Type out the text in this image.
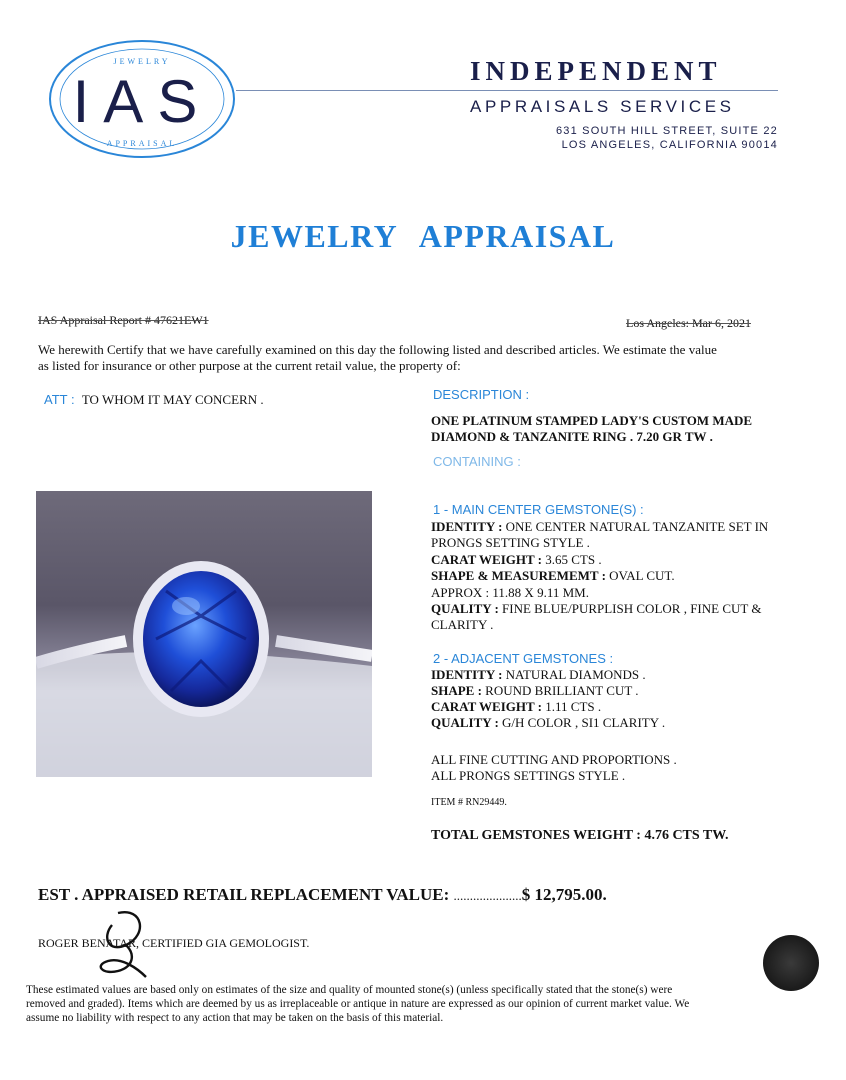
JEWELRY
APPRAISAL
IAS	INDEPENDENT
APPRAISALS SERVICES
631 SOUTH HILL STREET, SUITE 22
LOS ANGELES, CALIFORNIA 90014
JEWELRY APPRAISAL
IAS Appraisal Report # 47621EW1	Los Angeles: Mar 6, 2021
We herewith Certify that we have carefully examined on this day the following listed and described articles. We estimate the value
as listed for insurance or other purpose at the current retail value, the property of:
ATT : TO WHOM IT MAY CONCERN .	DESCRIPTION :
ONE PLATINUM STAMPED LADY'S CUSTOM MADE
DIAMOND & TANZANITE RING . 7.20 GR TW .
CONTAINING :
1 - MAIN CENTER GEMSTONE(S) :
IDENTITY : ONE CENTER NATURAL TANZANITE SET IN
PRONGS SETTING STYLE .
CARAT WEIGHT : 3.65 CTS .
SHAPE & MEASUREMEMT : OVAL CUT.
APPROX : 11.88 X 9.11 MM.
QUALITY : FINE BLUE/PURPLISH COLOR , FINE CUT &
CLARITY .
2 - ADJACENT GEMSTONES :
IDENTITY : NATURAL DIAMONDS .
SHAPE : ROUND BRILLIANT CUT .
CARAT WEIGHT : 1.11 CTS .
QUALITY : G/H COLOR , SI1 CLARITY .
ALL FINE CUTTING AND PROPORTIONS .
ALL PRONGS SETTINGS STYLE .
ITEM # RN29449.
TOTAL GEMSTONES WEIGHT : 4.76 CTS TW.
EST . APPRAISED RETAIL REPLACEMENT VALUE: .....................$ 12,795.00.
ROGER BENATAR, CERTIFIED GIA GEMOLOGIST.
These estimated values are based only on estimates of the size and quality of mounted stone(s) (unless specifically stated that the stone(s) were
removed and graded). Items which are deemed by us as irreplaceable or antique in nature are expressed as our opinion of current market value. We
assume no liability with respect to any action that may be taken on the basis of this material.
